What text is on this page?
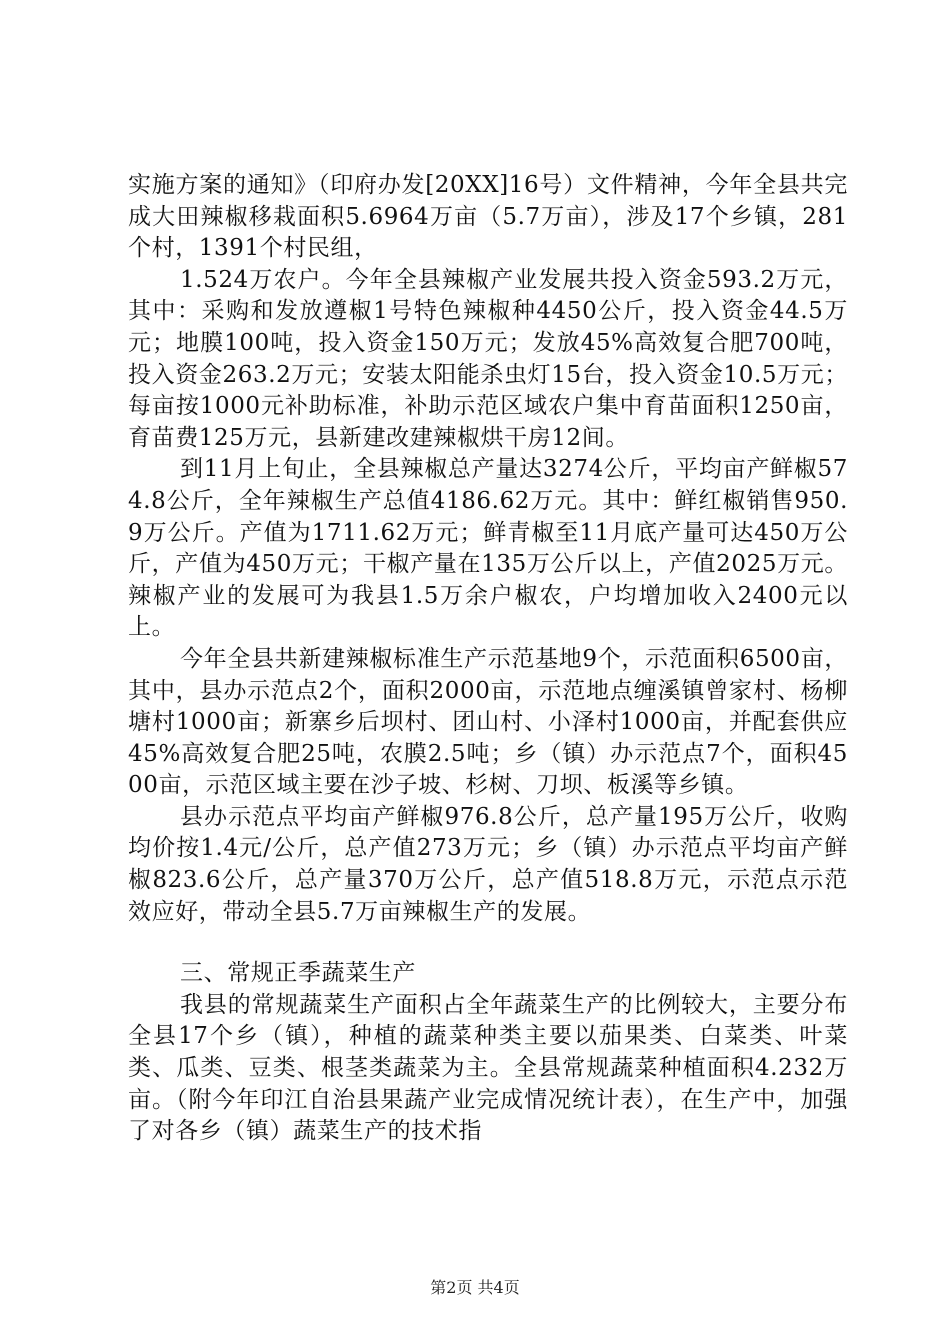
实施方案的通知》（印府办发[20XX]16号）文件精神，今年全县共完成大田辣椒移栽面积5.6964万亩（5.7万亩），涉及17个乡镇，281个村，1391个村民组，

1.524万农户。今年全县辣椒产业发展共投入资金593.2万元，其中：采购和发放遵椒1号特色辣椒种4450公斤，投入资金44.5万元；地膜100吨，投入资金150万元；发放45%高效复合肥700吨，投入资金263.2万元；安装太阳能杀虫灯15台，投入资金10.5万元；每亩按1000元补助标准，补助示范区域农户集中育苗面积1250亩，育苗费125万元，县新建改建辣椒烘干房12间。

到11月上旬止，全县辣椒总产量达3274公斤，平均亩产鲜椒574.8公斤，全年辣椒生产总值4186.62万元。其中：鲜红椒销售950.9万公斤。产值为1711.62万元；鲜青椒至11月底产量可达450万公斤，产值为450万元；干椒产量在135万公斤以上，产值2025万元。辣椒产业的发展可为我县1.5万余户椒农，户均增加收入2400元以上。

今年全县共新建辣椒标准生产示范基地9个，示范面积6500亩，其中，县办示范点2个，面积2000亩，示范地点缠溪镇曾家村、杨柳塘村1000亩；新寨乡后坝村、团山村、小泽村1000亩，并配套供应45%高效复合肥25吨，农膜2.5吨；乡（镇）办示范点7个，面积4500亩，示范区域主要在沙子坡、杉树、刀坝、板溪等乡镇。

县办示范点平均亩产鲜椒976.8公斤，总产量195万公斤，收购均价按1.4元/公斤，总产值273万元；乡（镇）办示范点平均亩产鲜椒823.6公斤，总产量370万公斤，总产值518.8万元，示范点示范效应好，带动全县5.7万亩辣椒生产的发展。

三、常规正季蔬菜生产

我县的常规蔬菜生产面积占全年蔬菜生产的比例较大，主要分布全县17个乡（镇），种植的蔬菜种类主要以茄果类、白菜类、叶菜类、瓜类、豆类、根茎类蔬菜为主。全县常规蔬菜种植面积4.232万亩。（附今年印江自治县果蔬产业完成情况统计表），在生产中，加强了对各乡（镇）蔬菜生产的技术指

第2页 共4页
